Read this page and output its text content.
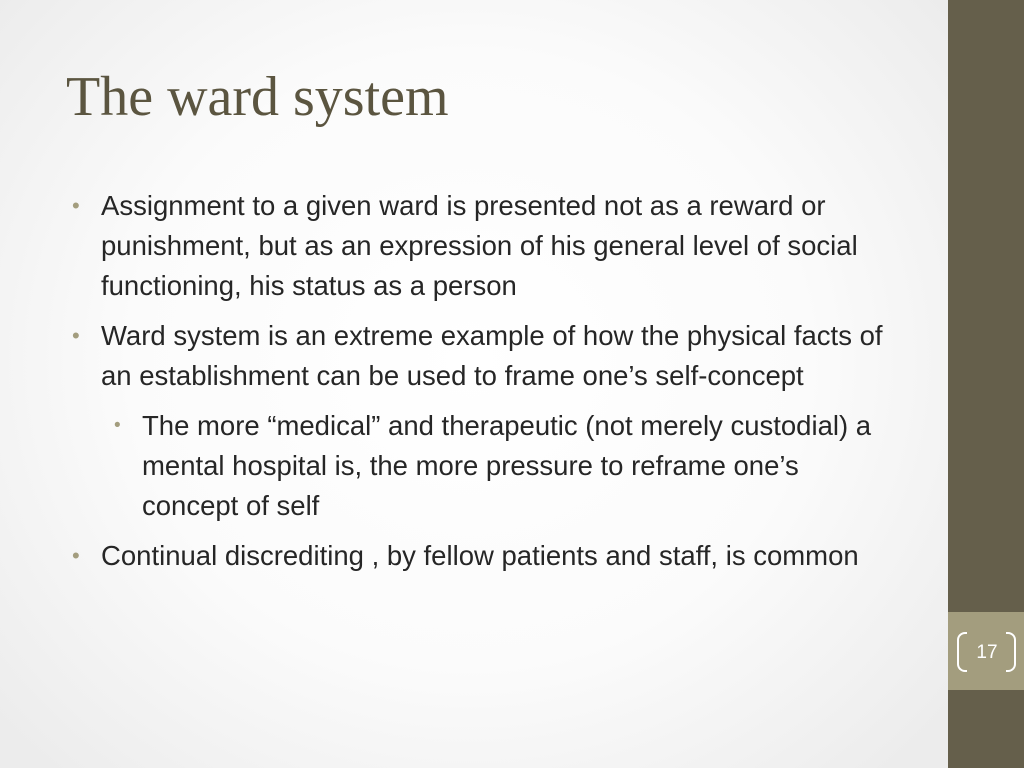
17
The ward system
• Assignment to a given ward is presented not as a reward or punishment, but as an expression of his general level of social functioning, his status as a person
• Ward system is an extreme example of how the physical facts of an establishment can be used to frame one’s self-concept
• The more “medical” and therapeutic (not merely custodial) a mental hospital is, the more pressure to reframe one’s concept of self
• Continual discrediting , by fellow patients and staff, is common
